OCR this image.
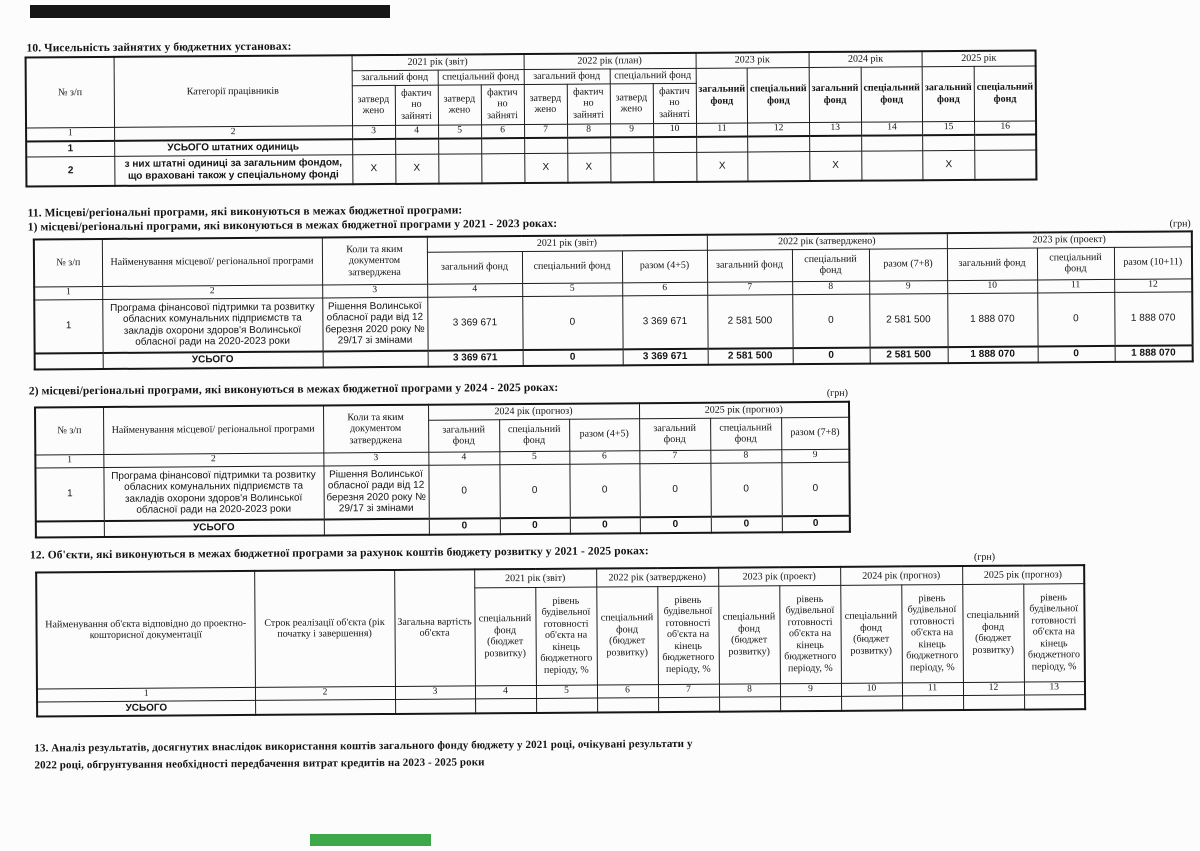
10. Чисельність зайнятих у бюджетних установах:
№ з/п	Категорії працівників	2021 рік (звіт)				2022 рік (план)				2023 рік		2024 рік		2025 рік	
		загальний фонд		спеціальний фонд		загальний фонд		спеціальний фонд		загальний фонд	спеціальний фонд	загальний фонд	спеціальний фонд	загальний фонд	спеціальний фонд
		затверд жено	фактич но зайняті	затверд жено	фактич но зайняті	затверд жено	фактич но зайняті	затверд жено	фактич но зайняті						
1	2	3	4	5	6	7	8	9	10	11	12	13	14	15	16
1	УСЬОГО штатних одиниць														
2	з них штатні одиниці за загальним фондом, що враховані також у спеціальному фонді	X	X			X	X			X		X		X	
11. Місцеві/регіональні програми, які виконуються в межах бюджетної програми:
1) місцеві/регіональні програми, які виконуються в межах бюджетної програми у 2021 - 2023 роках:	(грн)
№ з/п	Найменування місцевої/ регіональної програми	Коли та яким документом затверджена	2021 рік (звіт)			2022 рік (затверджено)			2023 рік (проект)		
			загальний фонд	спеціальний фонд	разом (4+5)	загальний фонд	спеціальний фонд	разом (7+8)	загальний фонд	спеціальний фонд	разом (10+11)
1	2	3	4	5	6	7	8	9	10	11	12
1	Програма фінансової підтримки та розвитку обласних комунальних підприємств та закладів охорони здоров'я Волинської обласної ради на 2020-2023 роки	Рішення Волинської обласної ради від 12 березня 2020 року № 29/17 зі змінами	3 369 671	0	3 369 671	2 581 500	0	2 581 500	1 888 070	0	1 888 070
	УСЬОГО		3 369 671	0	3 369 671	2 581 500	0	2 581 500	1 888 070	0	1 888 070
2) місцеві/регіональні програми, які виконуються в межах бюджетної програми у 2024 - 2025 роках:	(грн)
№ з/п	Найменування місцевої/ регіональної програми	Коли та яким документом затверджена	2024 рік (прогноз)			2025 рік (прогноз)		
			загальний фонд	спеціальний фонд	разом (4+5)	загальний фонд	спеціальний фонд	разом (7+8)
1	2	3	4	5	6	7	8	9
1	Програма фінансової підтримки та розвитку обласних комунальних підприємств та закладів охорони здоров'я Волинської обласної ради на 2020-2023 роки	Рішення Волинської обласної ради від 12 березня 2020 року № 29/17 зі змінами	0	0	0	0	0	0
	УСЬОГО		0	0	0	0	0	0
12. Об'єкти, які виконуються в межах бюджетної програми за рахунок коштів бюджету розвитку у 2021 - 2025 роках:	(грн)
Найменування об'єкта відповідно до проектно-кошторисної документації	Строк реалізації об'єкта (рік початку і завершення)	Загальна вартість об'єкта	2021 рік (звіт)		2022 рік (затверджено)		2023 рік (проект)		2024 рік (прогноз)		2025 рік (прогноз)	
			спеціальний фонд (бюджет розвитку)	рівень будівельної готовності об'єкта на кінець бюджетного періоду, %	спеціальний фонд (бюджет розвитку)	рівень будівельної готовності об'єкта на кінець бюджетного періоду, %	спеціальний фонд (бюджет розвитку)	рівень будівельної готовності об'єкта на кінець бюджетного періоду, %	спеціальний фонд (бюджет розвитку)	рівень будівельної готовності об'єкта на кінець бюджетного періоду, %	спеціальний фонд (бюджет розвитку)	рівень будівельної готовності об'єкта на кінець бюджетного періоду, %
1	2	3	4	5	6	7	8	9	10	11	12	13
УСЬОГО												
13. Аналіз результатів, досягнутих внаслідок використання коштів загального фонду бюджету у 2021 році, очікувані результати у
2022 році, обгрунтування необхідності передбачення витрат кредитів на 2023 - 2025 роки
